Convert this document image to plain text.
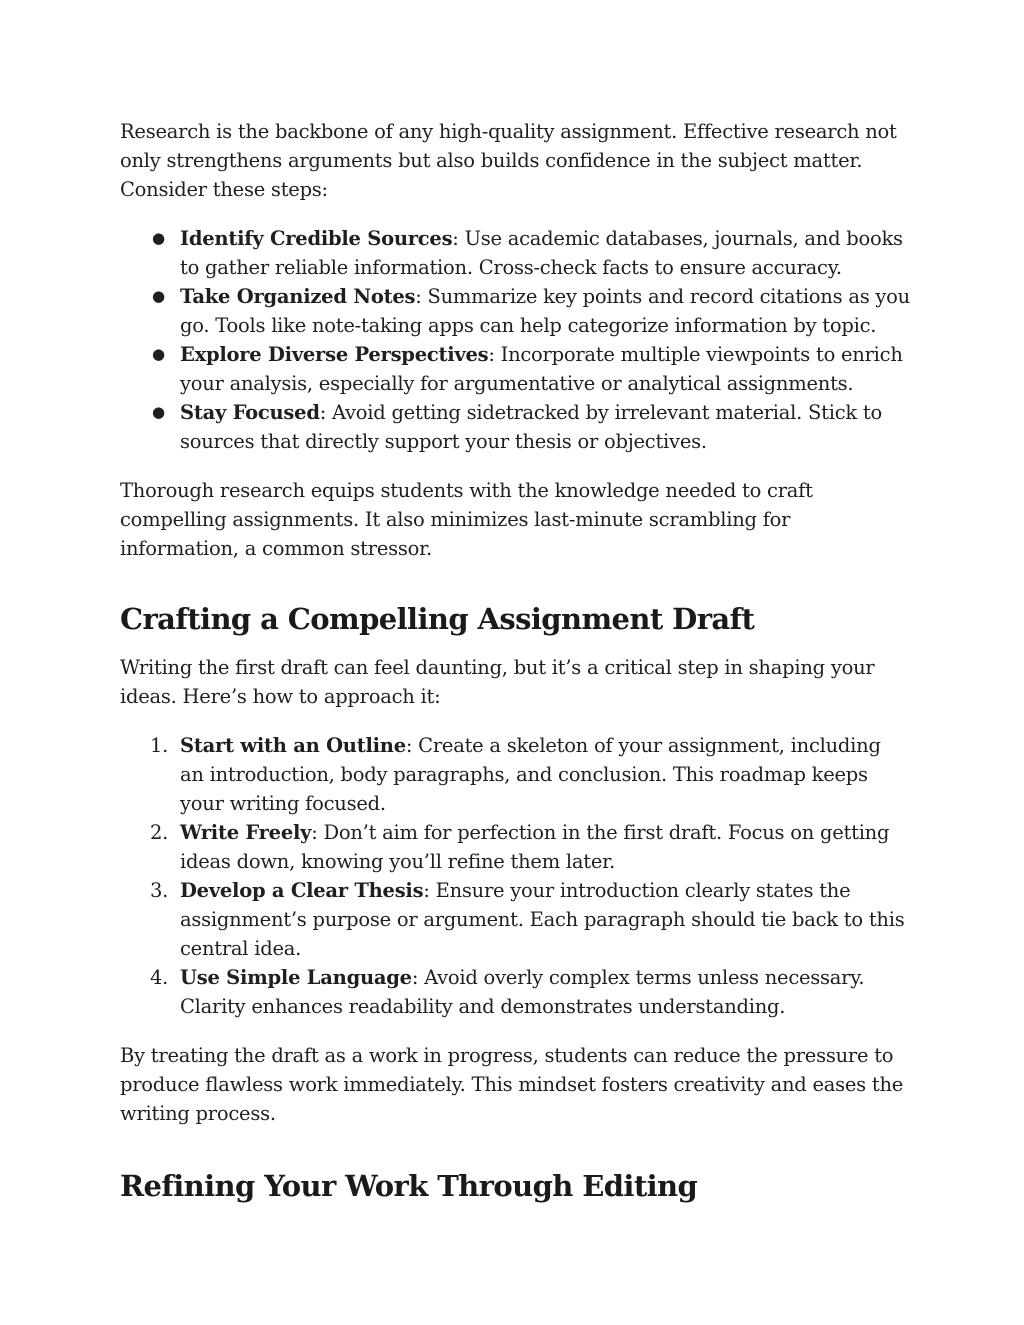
Research is the backbone of any high-quality assignment. Effective research not only strengthens arguments but also builds confidence in the subject matter. Consider these steps:

● Identify Credible Sources: Use academic databases, journals, and books to gather reliable information. Cross-check facts to ensure accuracy.
● Take Organized Notes: Summarize key points and record citations as you go. Tools like note-taking apps can help categorize information by topic.
● Explore Diverse Perspectives: Incorporate multiple viewpoints to enrich your analysis, especially for argumentative or analytical assignments.
● Stay Focused: Avoid getting sidetracked by irrelevant material. Stick to sources that directly support your thesis or objectives.

Thorough research equips students with the knowledge needed to craft compelling assignments. It also minimizes last-minute scrambling for information, a common stressor.

Crafting a Compelling Assignment Draft

Writing the first draft can feel daunting, but it’s a critical step in shaping your ideas. Here’s how to approach it:

1. Start with an Outline: Create a skeleton of your assignment, including an introduction, body paragraphs, and conclusion. This roadmap keeps your writing focused.
2. Write Freely: Don’t aim for perfection in the first draft. Focus on getting ideas down, knowing you’ll refine them later.
3. Develop a Clear Thesis: Ensure your introduction clearly states the assignment’s purpose or argument. Each paragraph should tie back to this central idea.
4. Use Simple Language: Avoid overly complex terms unless necessary. Clarity enhances readability and demonstrates understanding.

By treating the draft as a work in progress, students can reduce the pressure to produce flawless work immediately. This mindset fosters creativity and eases the writing process.

Refining Your Work Through Editing
